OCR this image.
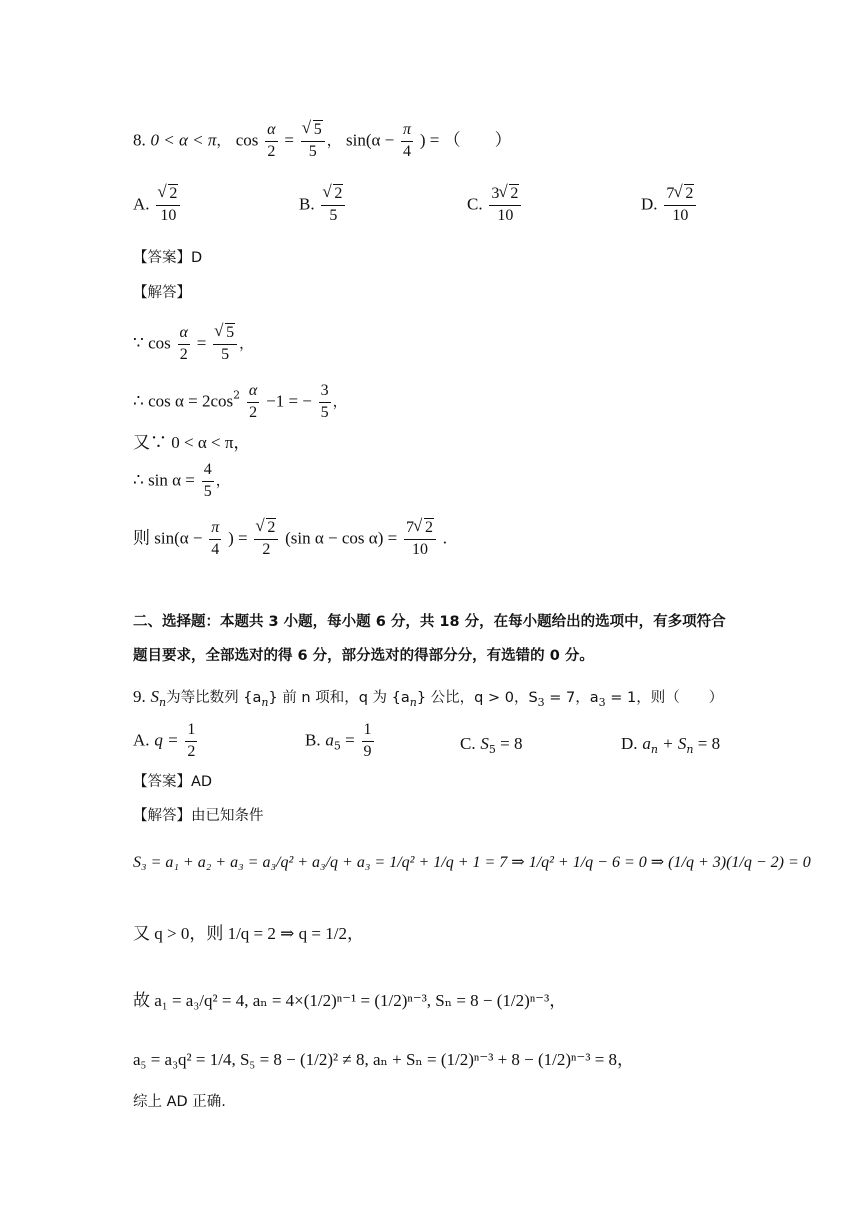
8. 0 < α < π， $\cos \frac{\alpha}{2}$ = √ $\frac{5}{5}$ ， $\sin(\alpha - \frac{\pi}{4}$ ) = （　　）
A. √ $\frac{2}{10}$	B. √ $\frac{2}{5}$	C. $\frac{3 √ 2}{10}$	D. $\frac{7 √ 2}{10}$
【答案】D
【解答】
∵ $\cos \frac{\alpha}{2}$ = √ $\frac{5}{5}$ ，
∴ $\cos \alpha = 2\cos^2 \frac{\alpha}{2} -1$ = − $\frac{3}{5}$ ，
又∵ 0 < α < π，
∴ $\sin \alpha = \frac{4}{5}$ ，
则 $\sin(\alpha - \frac{\pi}{4}$ ) = √ $\frac{2}{2} (\sin$ $\alpha - \cos \alpha) = \frac{7 √ 2}{10}$ .
二、选择题：本题共 3 小题，每小题 6 分，共 18 分，在每小题给出的选项中，有多项符合
题目要求，全部选对的得 6 分，部分选对的得部分分，有选错的 0 分。
9. $S_n$为等比数列 $\{a_n\}$ 前 n 项和，q 为 $\{a_n\}$ 公比，q > 0，$S_3 = 7$，$a_3 = 1$，则（　　）
A. $q = \frac{1}{2}$	B. $a_5 = \frac{1}{9}$	C. $S_5 = 8$	D. $a_n + S_n = 8$
【答案】AD
【解答】由已知条件
S₃ = a₁ + a₂ + a₃ = a₃/q² + a₃/q + a₃ = 1/q² + 1/q + 1 = 7 ⇒ 1/q² + 1/q − 6 = 0 ⇒ (1/q + 3)(1/q − 2) = 0
又 q > 0，则 1/q = 2 ⇒ q = 1/2，
故 a₁ = a₃/q² = 4, aₙ = 4×(1/2)ⁿ⁻¹ = (1/2)ⁿ⁻³, Sₙ = 8 − (1/2)ⁿ⁻³，
a₅ = a₃q² = 1/4, S₅ = 8 − (1/2)² ≠ 8, aₙ + Sₙ = (1/2)ⁿ⁻³ + 8 − (1/2)ⁿ⁻³ = 8，
综上 AD 正确.
